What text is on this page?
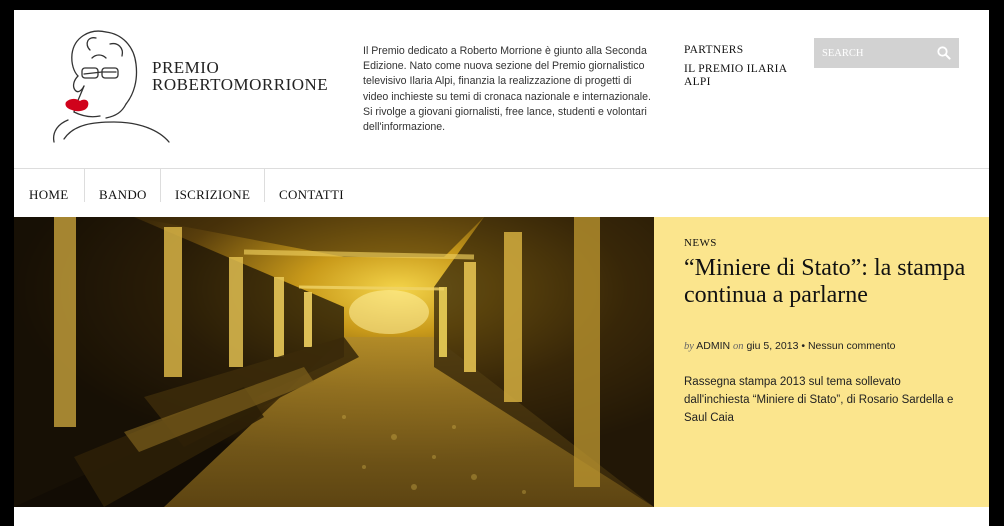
PREMIO
ROBERTOMORRIONE
Il Premio dedicato a Roberto Morrione è giunto alla Seconda Edizione. Nato come nuova sezione del Premio giornalistico televisivo Ilaria Alpi, finanzia la realizzazione di progetti di video inchieste su temi di cronaca nazionale e internazionale. Si rivolge a giovani giornalisti, free lance, studenti e volontari dell'informazione.
PARTNERS
IL PREMIO ILARIA ALPI
SEARCH
HOME BANDO ISCRIZIONE CONTATTI
NEWS
“Miniere di Stato”: la stampa continua a parlarne
by ADMIN on giu 5, 2013 • Nessun commento
Rassegna stampa 2013 sul tema sollevato dall'inchiesta “Miniere di Stato”, di Rosario Sardella e Saul Caia
